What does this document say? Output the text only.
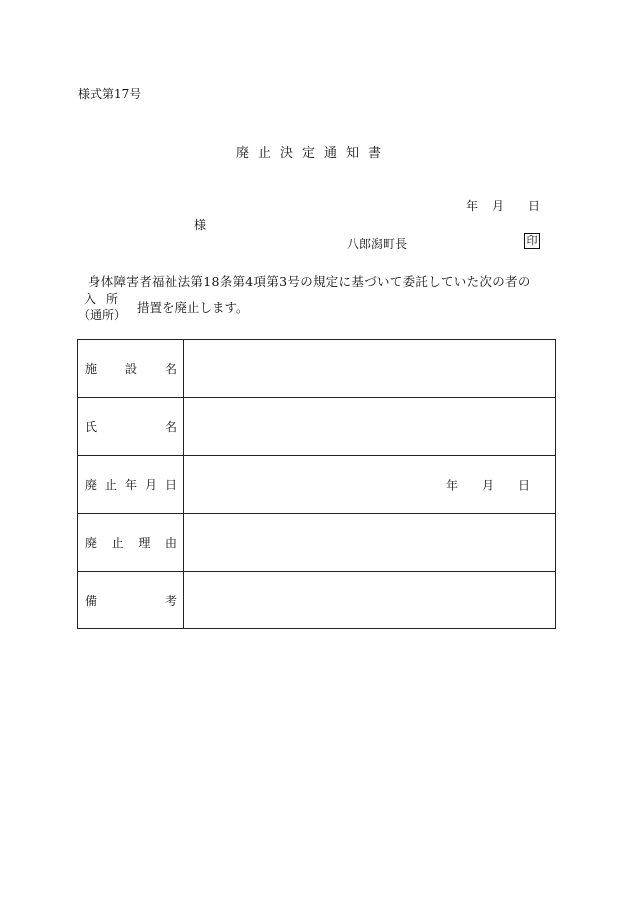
様式第17号
廃止決定通知書
年 月 日
様
八郎潟町長	印
身体障害者福祉法第18条第4項第3号の規定に基づいて委託していた次の者の
入所
（通所） 措置を廃止します。
施 設 名
氏	名
廃 止 年 月 日	年 月 日
廃 止 理 由
備	考
